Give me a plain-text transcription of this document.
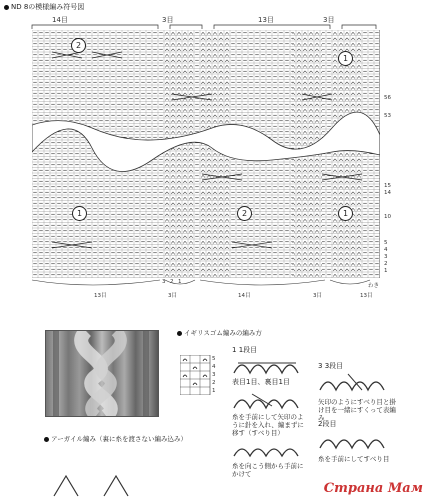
ND 8の模様編み符号図
14目	3目	13目	3目
2
1
1	2	1
56
53
15
14
10
5
4
3
2
1
3 2 1
13目	3目	14目	3目	13目
わき
イギリスゴム編みの編み方
5
4
3
2
1
1 1段目
表目1目、裏目1目
糸を手前にして矢印のように針を入れ、編まずに移す（すべり目）
糸を向こう側から手前にかけて
3 3段目
矢印のようにすべり目と掛け目を一緒にすくって表編み
2段目
糸を手前にしてすべり目
アーガイル編み（裏に糸を渡さない編み込み）
Страна Мам
